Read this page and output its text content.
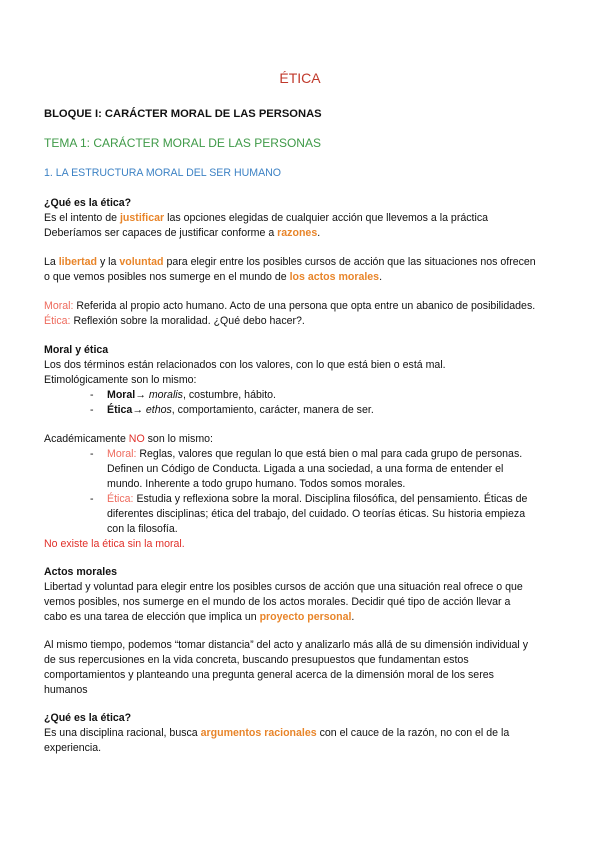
ÉTICA
BLOQUE I: CARÁCTER MORAL DE LAS PERSONAS
TEMA 1: CARÁCTER MORAL DE LAS PERSONAS
1. LA ESTRUCTURA MORAL DEL SER HUMANO
¿Qué es la ética?
Es el intento de justificar las opciones elegidas de cualquier acción que llevemos a la práctica
Deberíamos ser capaces de justificar conforme a razones.
La libertad y la voluntad para elegir entre los posibles cursos de acción que las situaciones nos ofrecen
o que vemos posibles nos sumerge en el mundo de los actos morales.
Moral: Referida al propio acto humano. Acto de una persona que opta entre un abanico de posibilidades.
Ética: Reflexión sobre la moralidad. ¿Qué debo hacer?.
Moral y ética
Los dos términos están relacionados con los valores, con lo que está bien o está mal.
Etimológicamente son lo mismo:
- Moral→ moralis, costumbre, hábito.
- Ética→ ethos, comportamiento, carácter, manera de ser.
Académicamente NO son lo mismo:
- Moral: Reglas, valores que regulan lo que está bien o mal para cada grupo de personas.
Definen un Código de Conducta. Ligada a una sociedad, a una forma de entender el
mundo. Inherente a todo grupo humano. Todos somos morales.
- Ética: Estudia y reflexiona sobre la moral. Disciplina filosófica, del pensamiento. Éticas de
diferentes disciplinas; ética del trabajo, del cuidado. O teorías éticas. Su historia empieza
con la filosofía.
No existe la ética sin la moral.
Actos morales
Libertad y voluntad para elegir entre los posibles cursos de acción que una situación real ofrece o que
vemos posibles, nos sumerge en el mundo de los actos morales. Decidir qué tipo de acción llevar a
cabo es una tarea de elección que implica un proyecto personal.
Al mismo tiempo, podemos “tomar distancia” del acto y analizarlo más allá de su dimensión individual y
de sus repercusiones en la vida concreta, buscando presupuestos que fundamentan estos
comportamientos y planteando una pregunta general acerca de la dimensión moral de los seres
humanos
¿Qué es la ética?
Es una disciplina racional, busca argumentos racionales con el cauce de la razón, no con el de la
experiencia.
